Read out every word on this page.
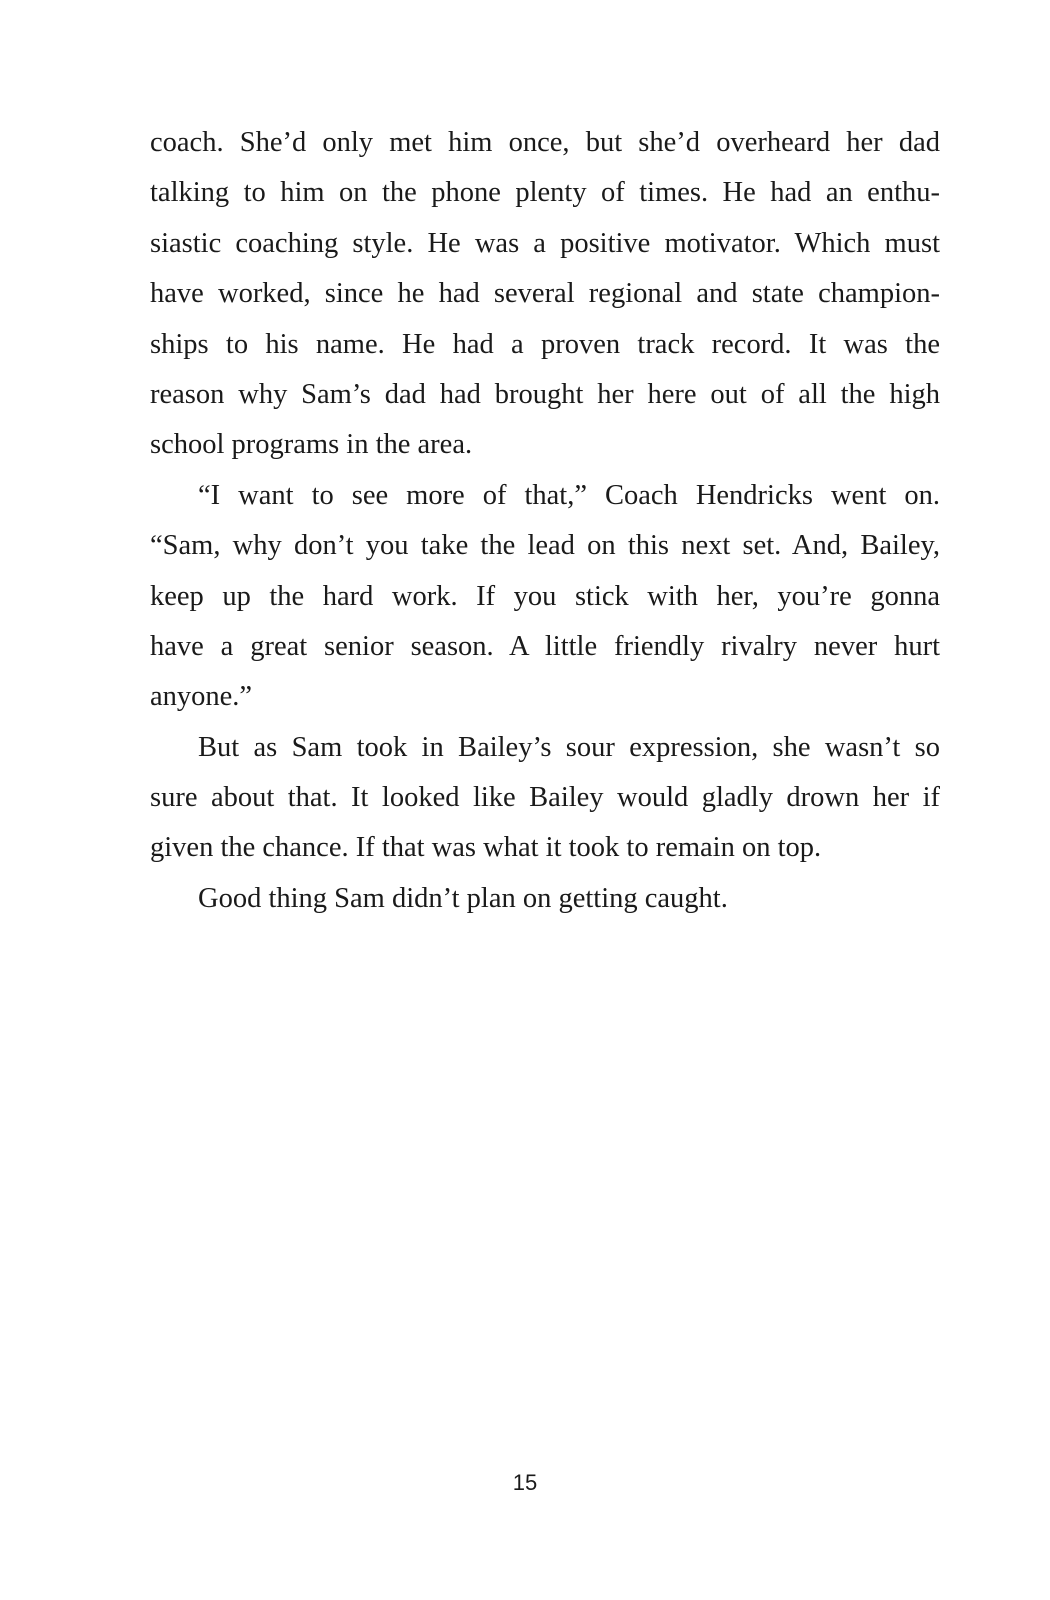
coach. She’d only met him once, but she’d overheard her dad
talking to him on the phone plenty of times. He had an enthu-
siastic coaching style. He was a positive motivator. Which must
have worked, since he had several regional and state champion-
ships to his name. He had a proven track record. It was the
reason why Sam’s dad had brought her here out of all the high
school programs in the area.
“I want to see more of that,” Coach Hendricks went on.
“Sam, why don’t you take the lead on this next set. And, Bailey,
keep up the hard work. If you stick with her, you’re gonna
have a great senior season. A little friendly rivalry never hurt
anyone.”
But as Sam took in Bailey’s sour expression, she wasn’t so
sure about that. It looked like Bailey would gladly drown her if
given the chance. If that was what it took to remain on top.
Good thing Sam didn’t plan on getting caught.
15
